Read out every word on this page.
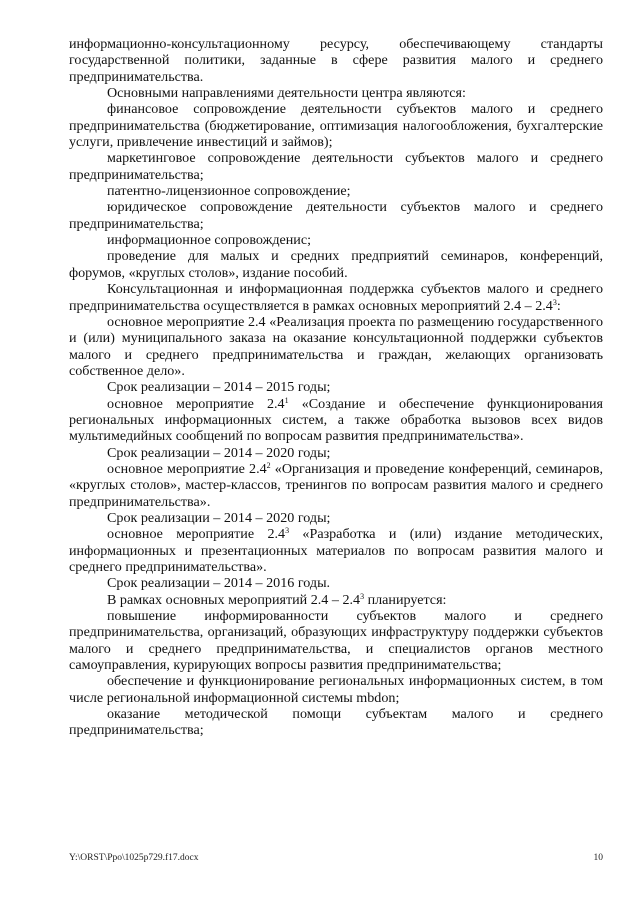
информационно-консультационному ресурсу, обеспечивающему стандарты государственной политики, заданные в сфере развития малого и среднего предпринимательства.

Основными направлениями деятельности центра являются:

финансовое сопровождение деятельности субъектов малого и среднего предпринимательства (бюджетирование, оптимизация налогообложения, бухгалтерские услуги, привлечение инвестиций и займов);

маркетинговое сопровождение деятельности субъектов малого и среднего предпринимательства;

патентно-лицензионное сопровождение;

юридическое сопровождение деятельности субъектов малого и среднего предпринимательства;

информационное сопровожденис;

проведение для малых и средних предприятий семинаров, конференций, форумов, «круглых столов», издание пособий.

Консультационная и информационная поддержка субъектов малого и среднего предпринимательства осуществляется в рамках основных мероприятий $2.4 - 2.4^3$:

основное мероприятие 2.4 «Реализация проекта по размещению государственного и (или) муниципального заказа на оказание консультационной поддержки субъектов малого и среднего предпринимательства и граждан, желающих организовать собственное дело».

Срок реализации – 2014 – 2015 годы;

основное мероприятие $2.4^1$ «Создание и обеспечение функционирования региональных информационных систем, а также обработка вызовов всех видов мультимедийных сообщений по вопросам развития предпринимательства».

Срок реализации – 2014 – 2020 годы;

основное мероприятие $2.4^2$ «Организация и проведение конференций, семинаров, «круглых столов», мастер-классов, тренингов по вопросам развития малого и среднего предпринимательства».

Срок реализации – 2014 – 2020 годы;

основное мероприятие $2.4^3$ «Разработка и (или) издание методических, информационных и презентационных материалов по вопросам развития малого и среднего предпринимательства».

Срок реализации – 2014 – 2016 годы.

В рамках основных мероприятий $2.4 - 2.4^3$ планируется:

повышение информированности субъектов малого и среднего предпринимательства, организаций, образующих инфраструктуру поддержки субъектов малого и среднего предпринимательства, и специалистов органов местного самоуправления, курирующих вопросы развития предпринимательства;

обеспечение и функционирование региональных информационных систем, в том числе региональной информационной системы mbdon;

оказание методической помощи субъектам малого и среднего предпринимательства;

Y:\ORST\Ppo\1025p729.f17.docx	10
